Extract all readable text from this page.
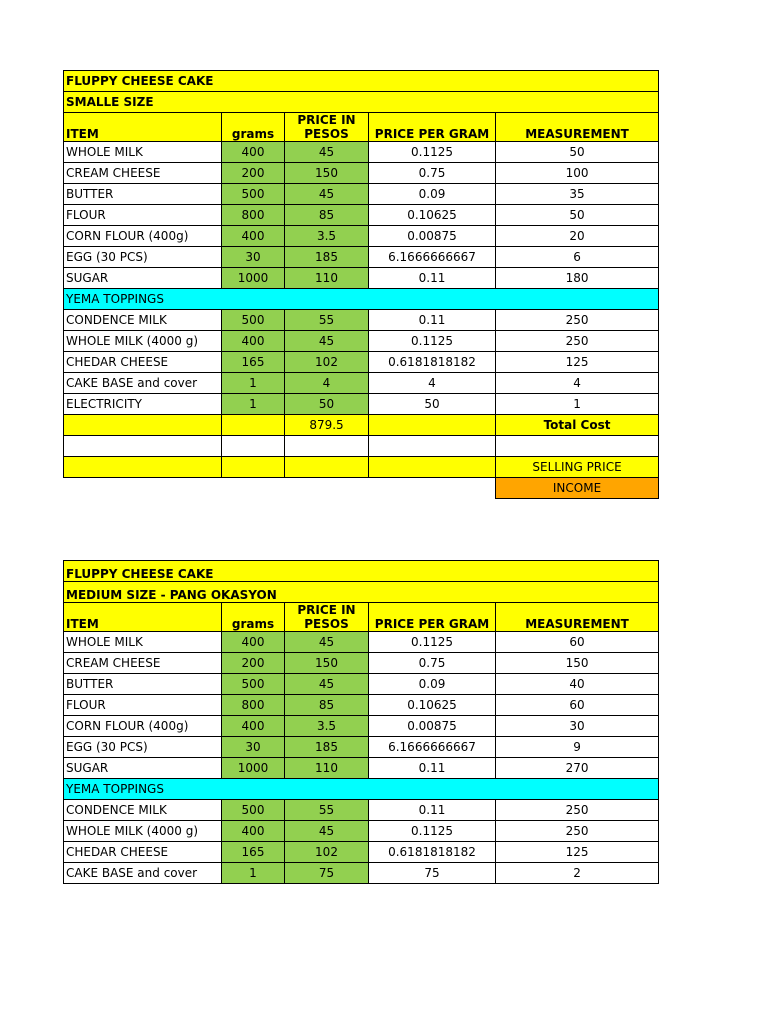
FLUPPY CHEESE CAKE				
SMALLE SIZE				
ITEM	grams	PRICE IN PESOS	PRICE PER GRAM	MEASUREMENT
WHOLE MILK	400	45	0.1125	50
CREAM CHEESE	200	150	0.75	100
BUTTER	500	45	0.09	35
FLOUR	800	85	0.10625	50
CORN FLOUR (400g)	400	3.5	0.00875	20
EGG (30 PCS)	30	185	6.1666666667	6
SUGAR	1000	110	0.11	180
YEMA TOPPINGS				
CONDENCE MILK	500	55	0.11	250
WHOLE MILK (4000 g)	400	45	0.1125	250
CHEDAR CHEESE	165	102	0.6181818182	125
CAKE BASE and cover	1	4	4	4
ELECTRICITY	1	50	50	1
		879.5		Total Cost

				SELLING PRICE
				INCOME
FLUPPY CHEESE CAKE				
MEDIUM SIZE - PANG OKASYON				
ITEM	grams	PRICE IN PESOS	PRICE PER GRAM	MEASUREMENT
WHOLE MILK	400	45	0.1125	60
CREAM CHEESE	200	150	0.75	150
BUTTER	500	45	0.09	40
FLOUR	800	85	0.10625	60
CORN FLOUR (400g)	400	3.5	0.00875	30
EGG (30 PCS)	30	185	6.1666666667	9
SUGAR	1000	110	0.11	270
YEMA TOPPINGS				
CONDENCE MILK	500	55	0.11	250
WHOLE MILK (4000 g)	400	45	0.1125	250
CHEDAR CHEESE	165	102	0.6181818182	125
CAKE BASE and cover	1	75	75	2
